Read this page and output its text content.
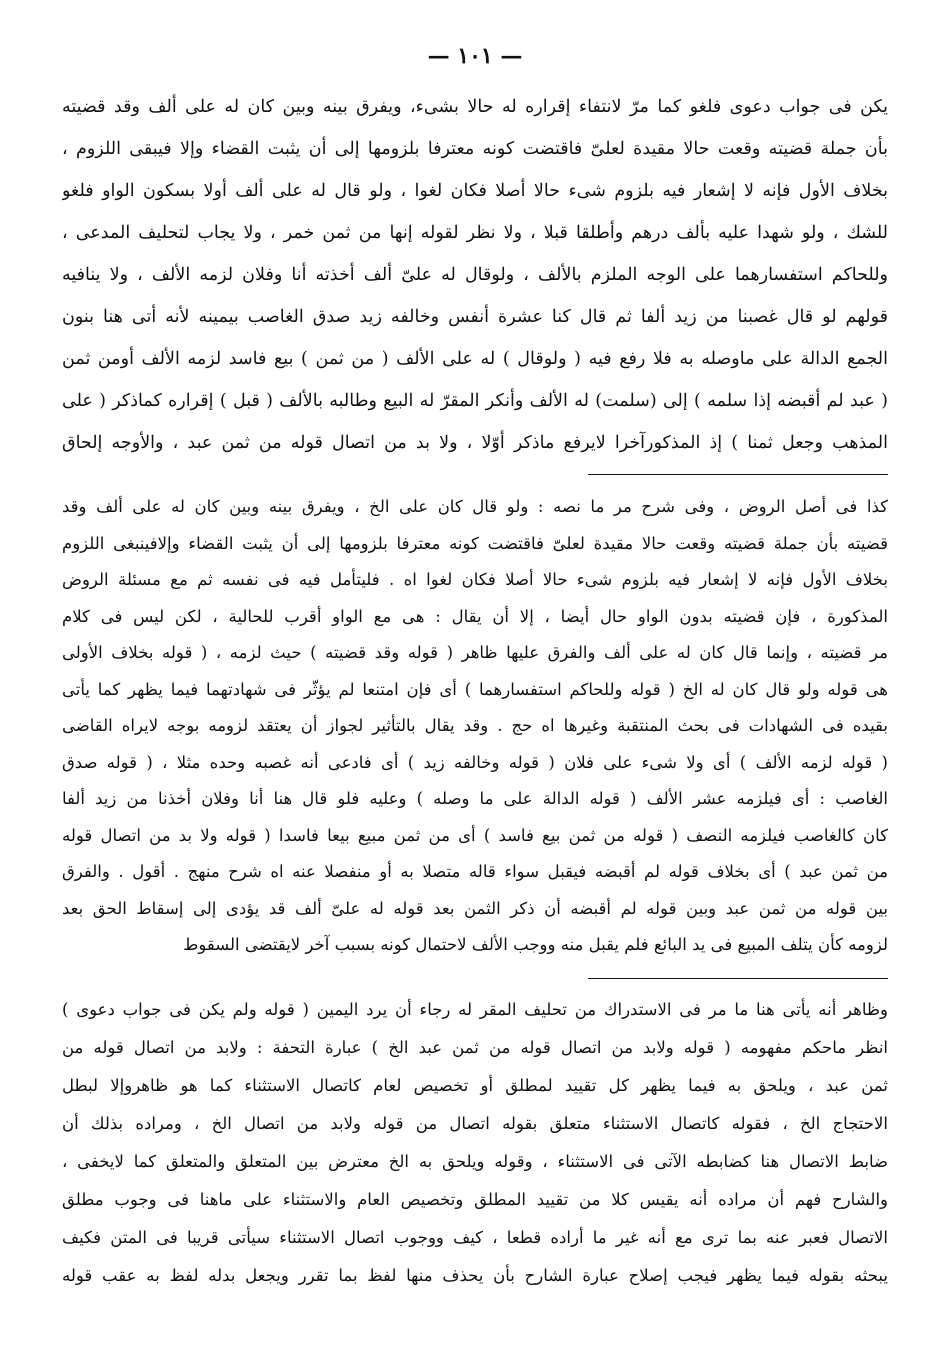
— ١٠١ —
يكن فى جواب دعوى فلغو كما مرّ لانتفاء إقراره له حالا بشىء، ويفرق بينه وبين كان له على ألف وقد قضيته
بأن جملة قضيته وقعت حالا مقيدة لعلىّ فاقتضت كونه معترفا بلزومها إلى أن يثبت القضاء وإلا فيبقى اللزوم ،
بخلاف الأول فإنه لا إشعار فيه بلزوم شىء حالا أصلا فكان لغوا ، ولو قال له على ألف أولا بسكون الواو فلغو
للشك ، ولو شهدا عليه بألف درهم وأطلقا قبلا ، ولا نظر لقوله إنها من ثمن خمر ، ولا يجاب لتحليف المدعى ،
وللحاكم استفسارهما على الوجه الملزم بالألف ، ولوقال له علىّ ألف أخذته أنا وفلان لزمه الألف ، ولا ينافيه
قولهم لو قال غصبنا من زيد ألفا ثم قال كنا عشرة أنفس وخالفه زيد صدق الغاصب بيمينه لأنه أتى هنا بنون
الجمع الدالة على ماوصله به فلا رفع فيه ( ولوقال ) له على الألف ( من ثمن ) بيع فاسد لزمه الألف أومن ثمن
( عبد لم أقبضه إذا سلمه ) إلى (سلمت) له الألف وأنكر المقرّ له البيع وطالبه بالألف ( قبل ) إقراره كماذكر ( على
المذهب وجعل ثمنا ) إذ المذكورآخرا لايرفع ماذكر أوّلا ، ولا بد من اتصال قوله من ثمن عبد ، والأوجه إلحاق
كذا فى أصل الروض ، وفى شرح مر ما نصه : ولو قال كان على الخ ، ويفرق بينه وبين كان له على ألف وقد
قضيته بأن جملة قضيته وقعت حالا مقيدة لعلىّ فاقتضت كونه معترفا بلزومها إلى أن يثبت القضاء وإلافينبغى اللزوم
بخلاف الأول فإنه لا إشعار فيه بلزوم شىء حالا أصلا فكان لغوا اه . فليتأمل فيه فى نفسه ثم مع مسئلة الروض
المذكورة ، فإن قضيته بدون الواو حال أيضا ، إلا أن يقال : هى مع الواو أقرب للحالية ، لكن ليس فى كلام
مر قضيته ، وإنما قال كان له على ألف والفرق عليها ظاهر ( قوله وقد قضيته ) حيث لزمه ، ( قوله بخلاف الأولى
هى قوله ولو قال كان له الخ ( قوله وللحاكم استفسارهما ) أى فإن امتنعا لم يؤثّر فى شهادتهما فيما يظهر كما يأتى
بقيده فى الشهادات فى بحث المنتقبة وغيرها اه حج . وقد يقال بالتأثير لجواز أن يعتقد لزومه بوجه لايراه القاضى
( قوله لزمه الألف ) أى ولا شىء على فلان ( قوله وخالفه زيد ) أى فادعى أنه غصبه وحده مثلا ، ( قوله صدق
الغاصب : أى فيلزمه عشر الألف ( قوله الدالة على ما وصله ) وعليه فلو قال هنا أنا وفلان أخذنا من زيد ألفا
كان كالغاصب فيلزمه النصف ( قوله من ثمن بيع فاسد ) أى من ثمن مبيع بيعا فاسدا ( قوله ولا بد من اتصال قوله
من ثمن عبد ) أى بخلاف قوله لم أقبضه فيقبل سواء قاله متصلا به أو منفصلا عنه اه شرح منهج . أقول . والفرق
بين قوله من ثمن عبد وبين قوله لم أقبضه أن ذكر الثمن بعد قوله له علىّ ألف قد يؤدى إلى إسقاط الحق بعد
لزومه كأن يتلف المبيع فى يد البائع فلم يقبل منه ووجب الألف لاحتمال كونه بسبب آخر لايقتضى السقوط
وظاهر أنه يأتى هنا ما مر فى الاستدراك من تحليف المقر له رجاء أن يرد اليمين ( قوله ولم يكن فى جواب دعوى )
انظر ماحكم مفهومه ( قوله ولابد من اتصال قوله من ثمن عبد الخ ) عبارة التحفة : ولابد من اتصال قوله من
ثمن عبد ، ويلحق به فيما يظهر كل تقييد لمطلق أو تخصيص لعام كاتصال الاستثناء كما هو ظاهروإلا لبطل
الاحتجاج الخ ، فقوله كاتصال الاستثناء متعلق بقوله اتصال من قوله ولابد من اتصال الخ ، ومراده بذلك أن
ضابط الاتصال هنا كضابطه الآتى فى الاستثناء ، وقوله ويلحق به الخ معترض بين المتعلق والمتعلق كما لايخفى ،
والشارح فهم أن مراده أنه يقيس كلا من تقييد المطلق وتخصيص العام والاستثناء على ماهنا فى وجوب مطلق
الاتصال فعبر عنه بما ترى مع أنه غير ما أراده قطعا ، كيف ووجوب اتصال الاستثناء سيأتى قريبا فى المتن فكيف
يبحثه بقوله فيما يظهر فيجب إصلاح عبارة الشارح بأن يحذف منها لفظ بما تقرر ويجعل بدله لفظ به عقب قوله
